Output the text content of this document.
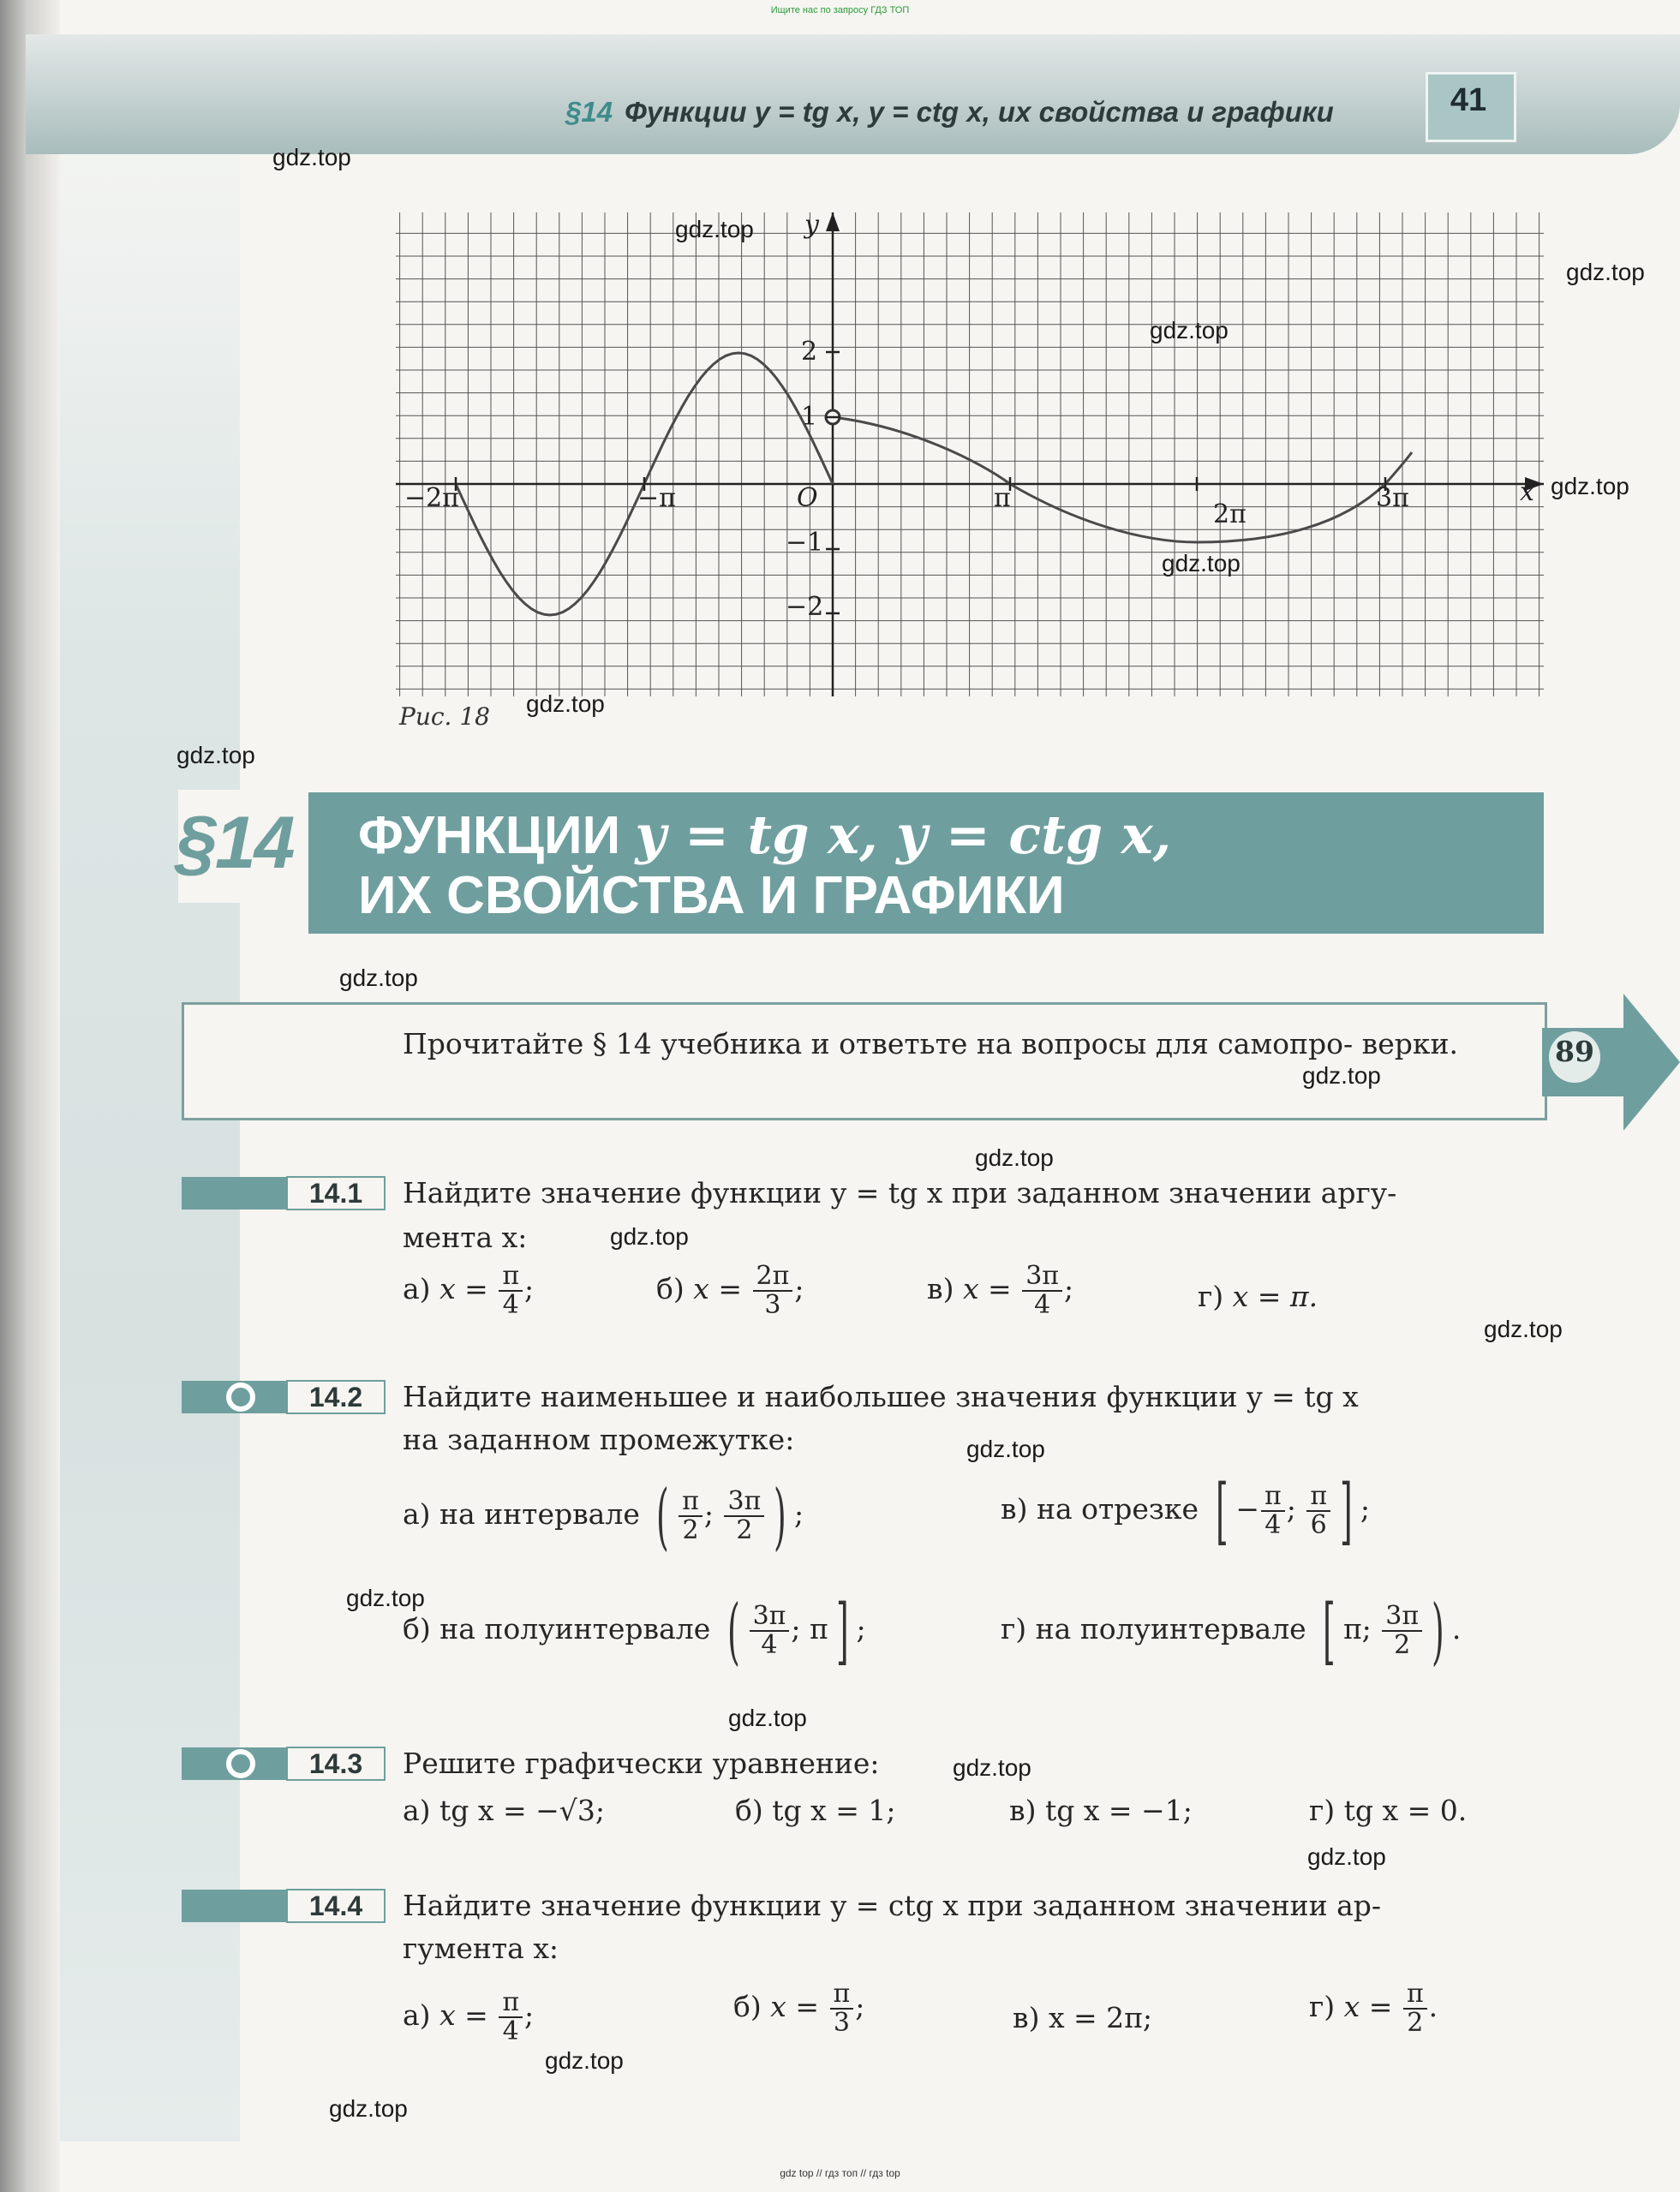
Ищите нас по запросу ГДЗ ТОП
§14 Функции y = tg x, y = ctg x, их свойства и графики	41
x
y
O
−2π	−π	π
2π
3π
2
1
−1
−2
Рис. 18
§14 ФУНКЦИИ y = tg x, y = ctg x,
ИХ СВОЙСТВА И ГРАФИКИ
Прочитайте § 14 учебника и ответьте на вопросы для самопро- верки.	89
14.1	Найдите значение функции y = tg x при заданном значении аргу-
мента x:
а) $x = \frac{\pi}{4}$ ;	б) $x = \frac{2\pi}{3}$ ;	в) $x = \frac{3\pi}{4}$ ;	г) x = π.
14.2	Найдите наименьшее и наибольшее значения функции y = tg x
на заданном промежутке:
а) на интервале ( $\frac{\pi}{2}$ ; $\frac{3\pi}{2}$ ) ;	в) на отрезке [ − $\frac{\pi}{4}$ ; $\frac{\pi}{6}$ ] ;
б) на полуинтервале ( $\frac{3\pi}{4}$ ; π ] ;	г) на полуинтервале [ π; $\frac{3\pi}{2}$ ) .
14.3	Решите графически уравнение:
а) tg x = −√3;	б) tg x = 1;	в) tg x = −1;	г) tg x = 0.
14.4	Найдите значение функции y = ctg x при заданном значении ар-
гумента x:
а) $x = \frac{\pi}{4}$ ;	б) $x = \frac{\pi}{3}$ ;	в) x = 2π;	г) $x = \frac{\pi}{2}$ .
gdz.top
gdz.top
gdz.top
gdz.top
gdz.top
gdz.top
gdz.top
gdz.top
gdz.top
gdz.top
gdz.top
gdz.top
gdz.top
gdz.top
gdz.top
gdz.top
gdz.top
gdz.top
gdz.top
gdz.top
gdz top // гдз топ // гдз top
